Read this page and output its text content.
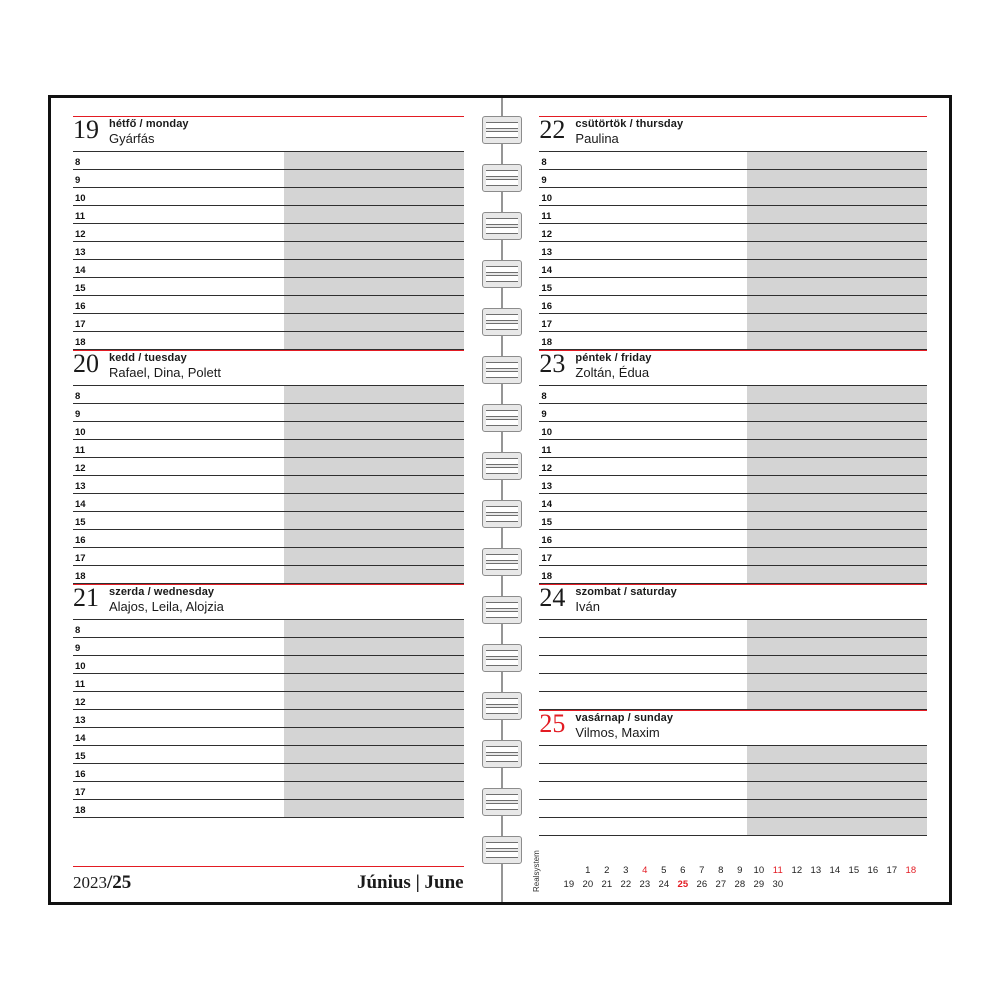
19 hétfő / monday
Gyárfás
8
9
10
11
12
13
14
15
16
17
18
20 kedd / tuesday
Rafael, Dina, Polett
8
9
10
11
12
13
14
15
16
17
18
21 szerda / wednesday
Alajos, Leila, Alojzia
8
9
10
11
12
13
14
15
16
17
18
2023/25	Június | June
22 csütörtök / thursday
Paulina
8
9
10
11
12
13
14
15
16
17
18
23 péntek / friday
Zoltán, Édua
8
9
10
11
12
13
14
15
16
17
18
24 szombat / saturday
Iván
25 vasárnap / sunday
Vilmos, Maxim
Realsystem	1	2	3	4	5	6	7	8	9	10 11 12 13 14 15 16 17 18
19 20 21 22 23 24 25 26 27 28 29 30
